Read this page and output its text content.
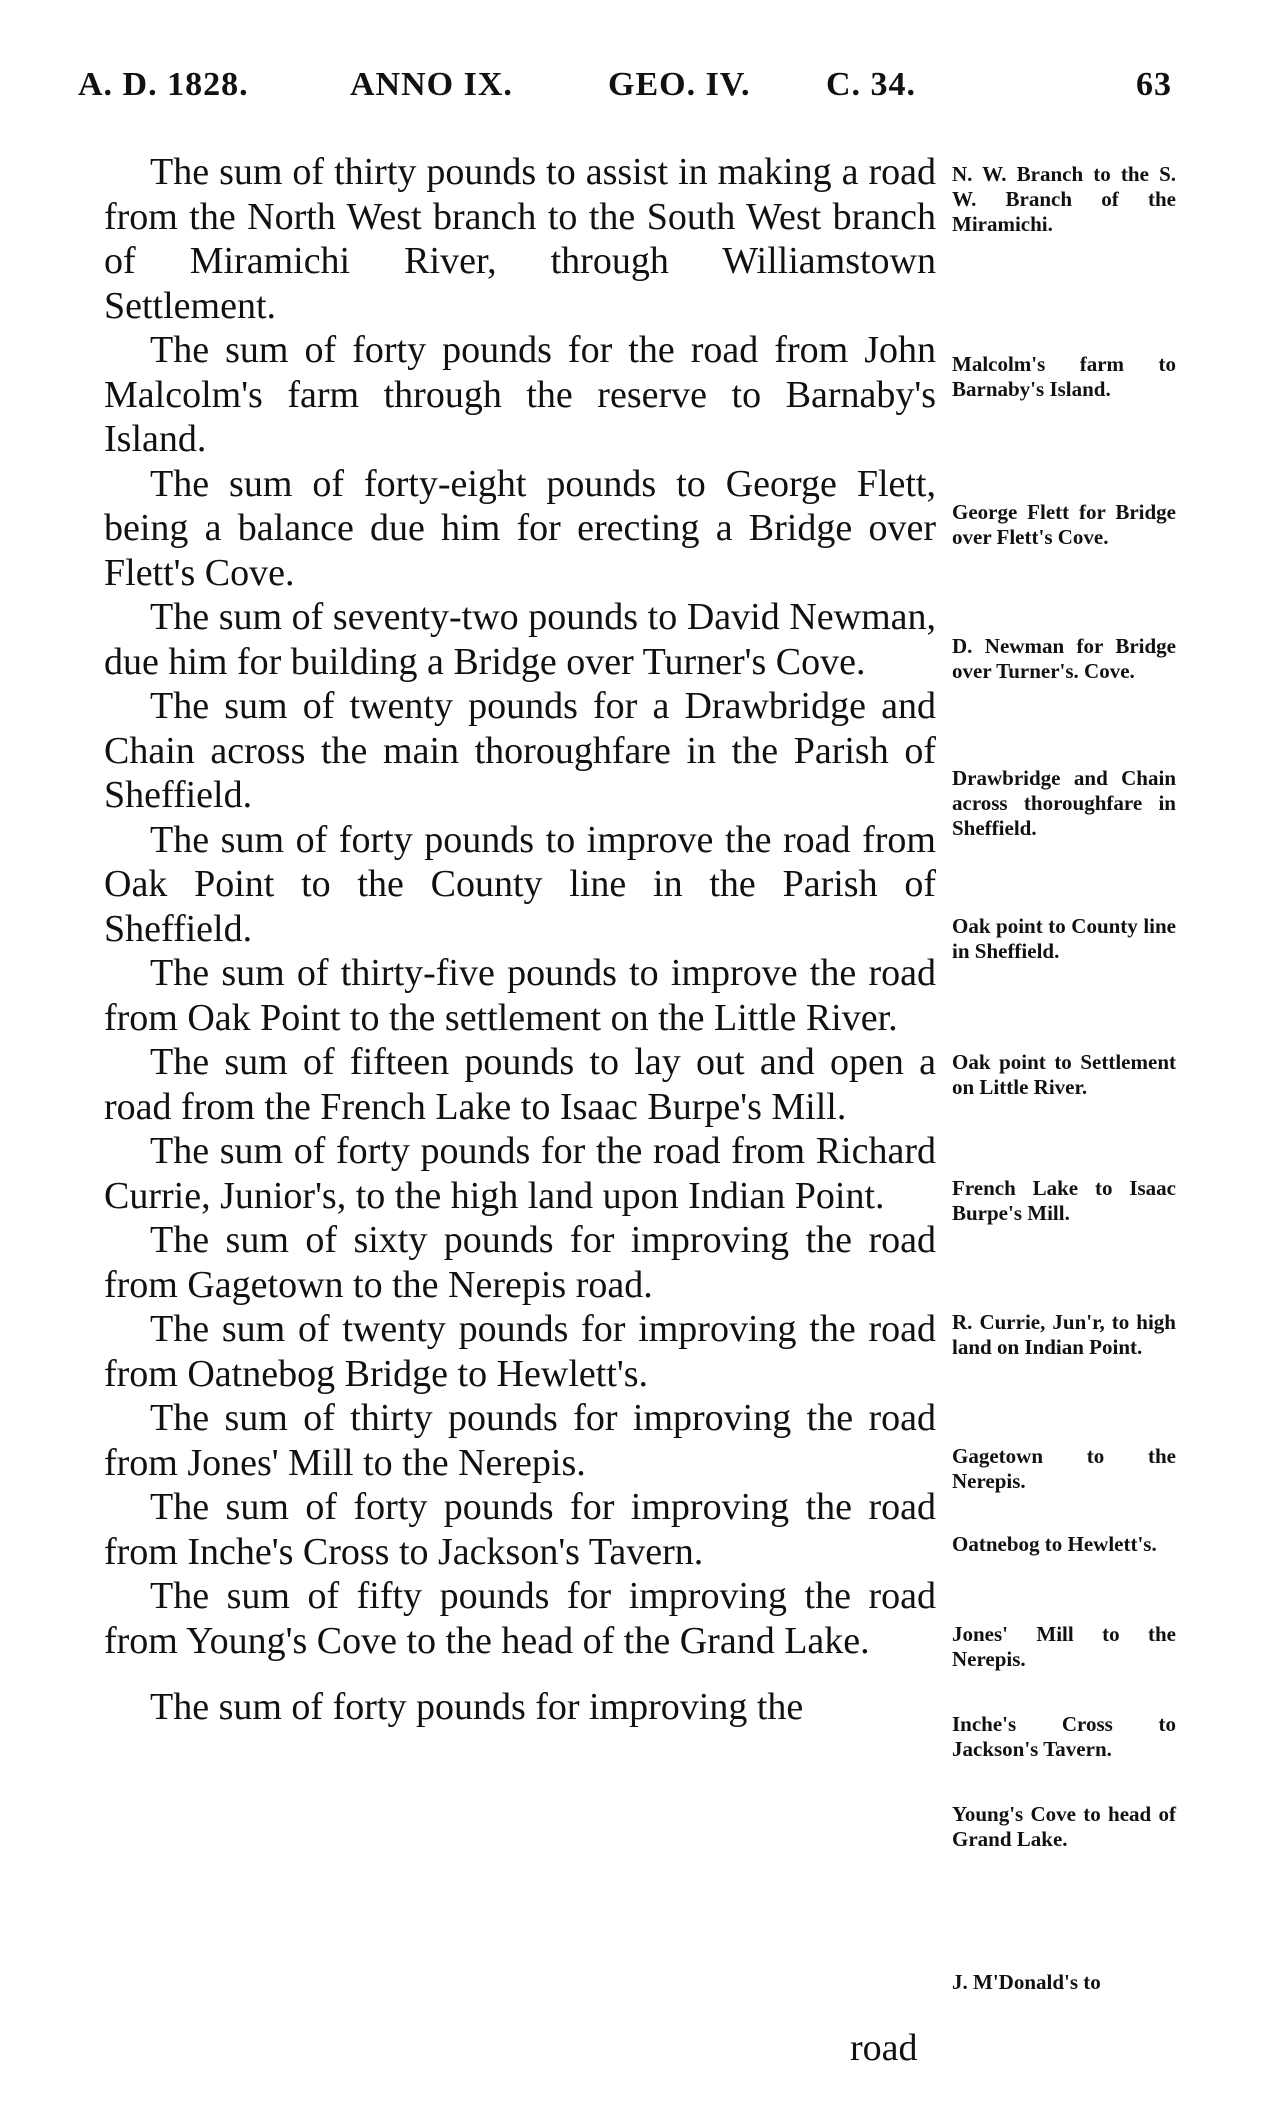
A. D. 1828.	ANNO IX.	GEO. IV. C. 34.	63

The sum of thirty pounds to assist in making a road from the North West branch to the South West branch of Miramichi River, through Williamstown Settlement.

The sum of forty pounds for the road from John Malcolm's farm through the reserve to Barnaby's Island.

The sum of forty-eight pounds to George Flett, being a balance due him for erecting a Bridge over Flett's Cove.

The sum of seventy-two pounds to David Newman, due him for building a Bridge over Turner's Cove.

The sum of twenty pounds for a Drawbridge and Chain across the main thoroughfare in the Parish of Sheffield.

The sum of forty pounds to improve the road from Oak Point to the County line in the Parish of Sheffield.

The sum of thirty-five pounds to improve the road from Oak Point to the settlement on the Little River.

The sum of fifteen pounds to lay out and open a road from the French Lake to Isaac Burpe's Mill.

The sum of forty pounds for the road from Richard Currie, Junior's, to the high land upon Indian Point.

The sum of sixty pounds for improving the road from Gagetown to the Nerepis road.

The sum of twenty pounds for improving the road from Oatnebog Bridge to Hewlett's.

The sum of thirty pounds for improving the road from Jones' Mill to the Nerepis.

The sum of forty pounds for improving the road from Inche's Cross to Jackson's Tavern.

The sum of fifty pounds for improving the road from Young's Cove to the head of the Grand Lake.

The sum of forty pounds for improving the

N. W. Branch to the S. W. Branch of the Miramichi.
Malcolm's farm to Barnaby's Island.
George Flett for Bridge over Flett's Cove.
D. Newman for Bridge over Turner's. Cove.
Drawbridge and Chain across thoroughfare in Sheffield.
Oak point to County line in Sheffield.
Oak point to Settlement on Little River.
French Lake to Isaac Burpe's Mill.
R. Currie, Jun'r, to high land on Indian Point.
Gagetown to the Nerepis.
Oatnebog to Hewlett's.
Jones' Mill to the Nerepis.
Inche's Cross to Jackson's Tavern.
Young's Cove to head of Grand Lake.
J. M'Donald's to
road
